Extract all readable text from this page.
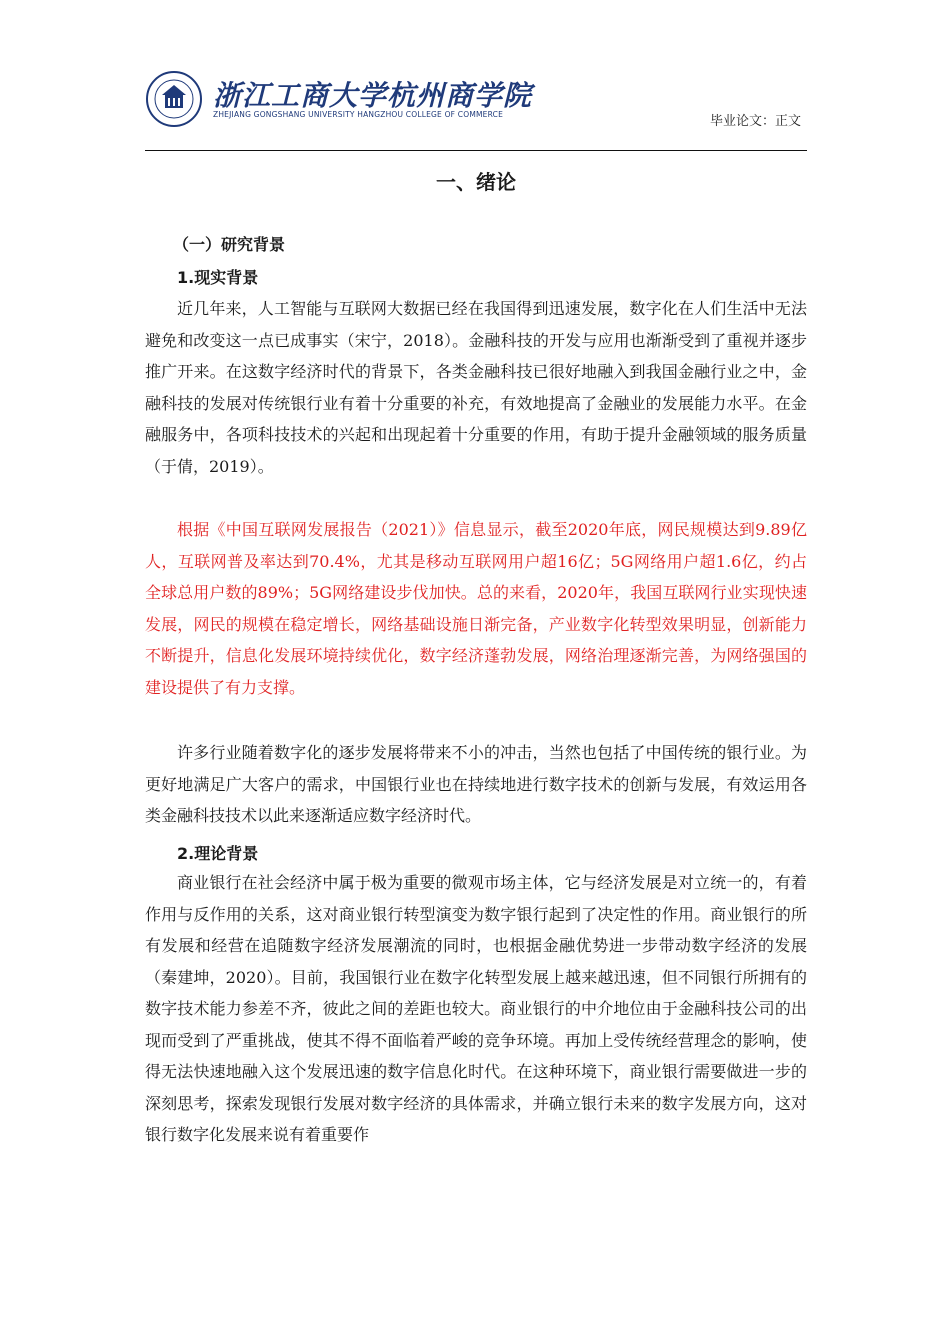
浙江工商大学杭州商学院
ZHEJIANG GONGSHANG UNIVERSITY HANGZHOU COLLEGE OF COMMERCE	毕业论文：正文
一、绪论
（一）研究背景
1.现实背景

近几年来，人工智能与互联网大数据已经在我国得到迅速发展，数字化在人们生活中无法避免和改变这一点已成事实（宋宁，2018）。金融科技的开发与应用也渐渐受到了重视并逐步推广开来。在这数字经济时代的背景下，各类金融科技已很好地融入到我国金融行业之中，金融科技的发展对传统银行业有着十分重要的补充，有效地提高了金融业的发展能力水平。在金融服务中，各项科技技术的兴起和出现起着十分重要的作用，有助于提升金融领域的服务质量（于倩，2019）。

根据《中国互联网发展报告（2021）》信息显示，截至2020年底，网民规模达到9.89亿人，互联网普及率达到70.4%，尤其是移动互联网用户超16亿；5G网络用户超1.6亿，约占全球总用户数的89%；5G网络建设步伐加快。总的来看，2020年，我国互联网行业实现快速发展，网民的规模在稳定增长，网络基础设施日渐完备，产业数字化转型效果明显，创新能力不断提升，信息化发展环境持续优化，数字经济蓬勃发展，网络治理逐渐完善，为网络强国的建设提供了有力支撑。

许多行业随着数字化的逐步发展将带来不小的冲击，当然也包括了中国传统的银行业。为更好地满足广大客户的需求，中国银行业也在持续地进行数字技术的创新与发展，有效运用各类金融科技技术以此来逐渐适应数字经济时代。

2.理论背景

商业银行在社会经济中属于极为重要的微观市场主体，它与经济发展是对立统一的，有着作用与反作用的关系，这对商业银行转型演变为数字银行起到了决定性的作用。商业银行的所有发展和经营在追随数字经济发展潮流的同时，也根据金融优势进一步带动数字经济的发展（秦建坤，2020）。目前，我国银行业在数字化转型发展上越来越迅速，但不同银行所拥有的数字技术能力参差不齐，彼此之间的差距也较大。商业银行的中介地位由于金融科技公司的出现而受到了严重挑战，使其不得不面临着严峻的竞争环境。再加上受传统经营理念的影响，使得无法快速地融入这个发展迅速的数字信息化时代。在这种环境下，商业银行需要做进一步的深刻思考，探索发现银行发展对数字经济的具体需求，并确立银行未来的数字发展方向，这对银行数字化发展来说有着重要作
